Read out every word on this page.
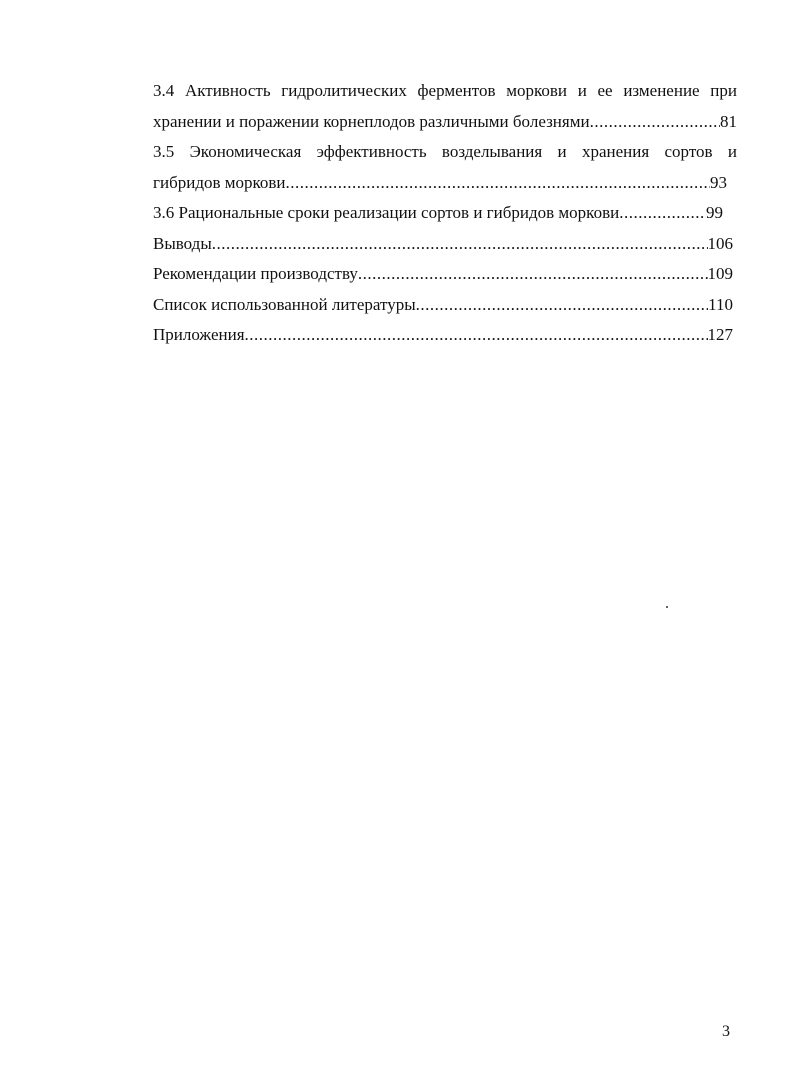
3.4 Активность гидролитических ферментов моркови и ее изменение при
хранении и поражении корнеплодов различными болезнями .....	81
3.5 Экономическая эффективность возделывания и хранения сортов и
гибридов моркови .....	93
3.6 Рациональные сроки реализации сортов и гибридов моркови .....	99
Выводы .....	106
Рекомендации производству .....	109
Список использованной литературы .....	110
Приложения .....	127
3
